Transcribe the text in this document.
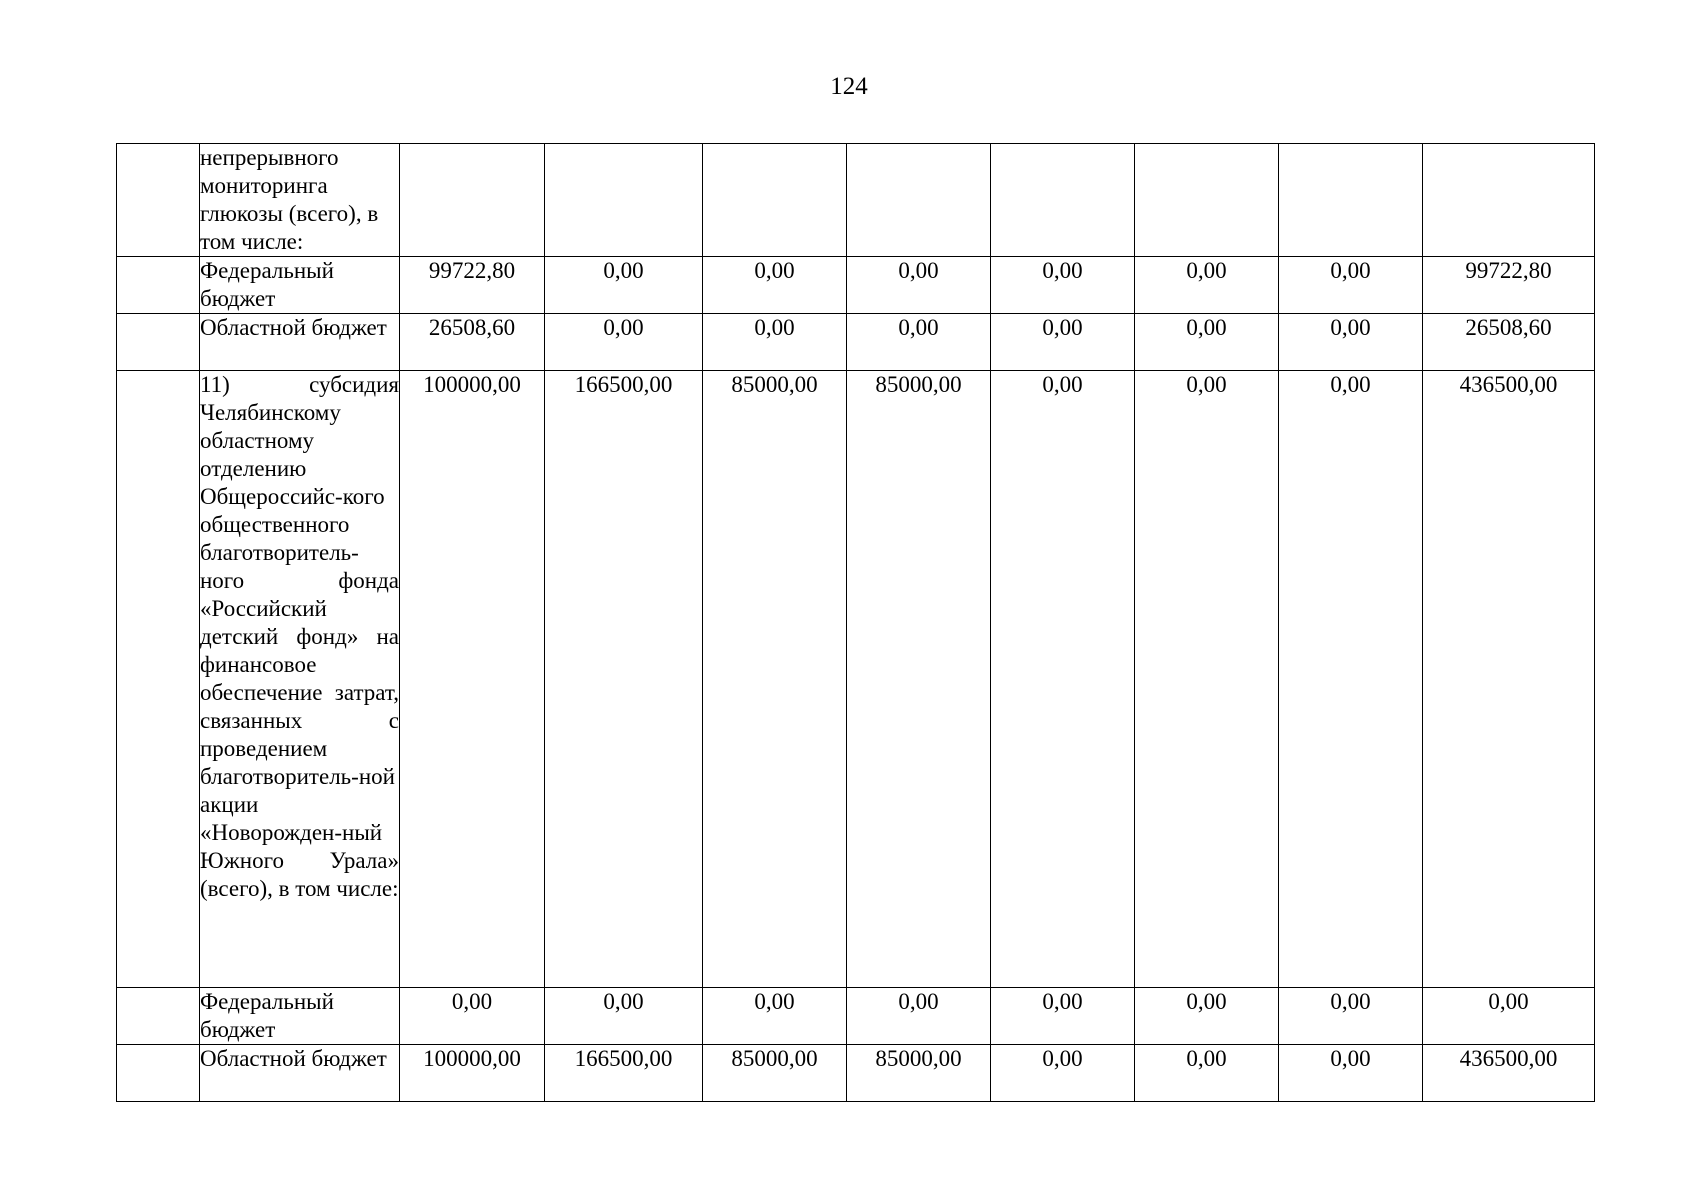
124
	непрерывного мониторинга глюкозы (всего), в том числе:								
	Федеральный бюджет	99722,80	0,00	0,00	0,00	0,00	0,00	0,00	99722,80
	Областной бюджет	26508,60	0,00	0,00	0,00	0,00	0,00	0,00	26508,60
	11) субсидия Челябинскому областному отделению Общероссийс-кого общественного благотворитель-ного фонда «Российский детский фонд» на финансовое обеспечение затрат, связанных с проведением благотворитель-ной акции «Новорожден-ный Южного Урала» (всего), в том числе:	100000,00	166500,00	85000,00	85000,00	0,00	0,00	0,00	436500,00
	Федеральный бюджет	0,00	0,00	0,00	0,00	0,00	0,00	0,00	0,00
	Областной бюджет	100000,00	166500,00	85000,00	85000,00	0,00	0,00	0,00	436500,00
